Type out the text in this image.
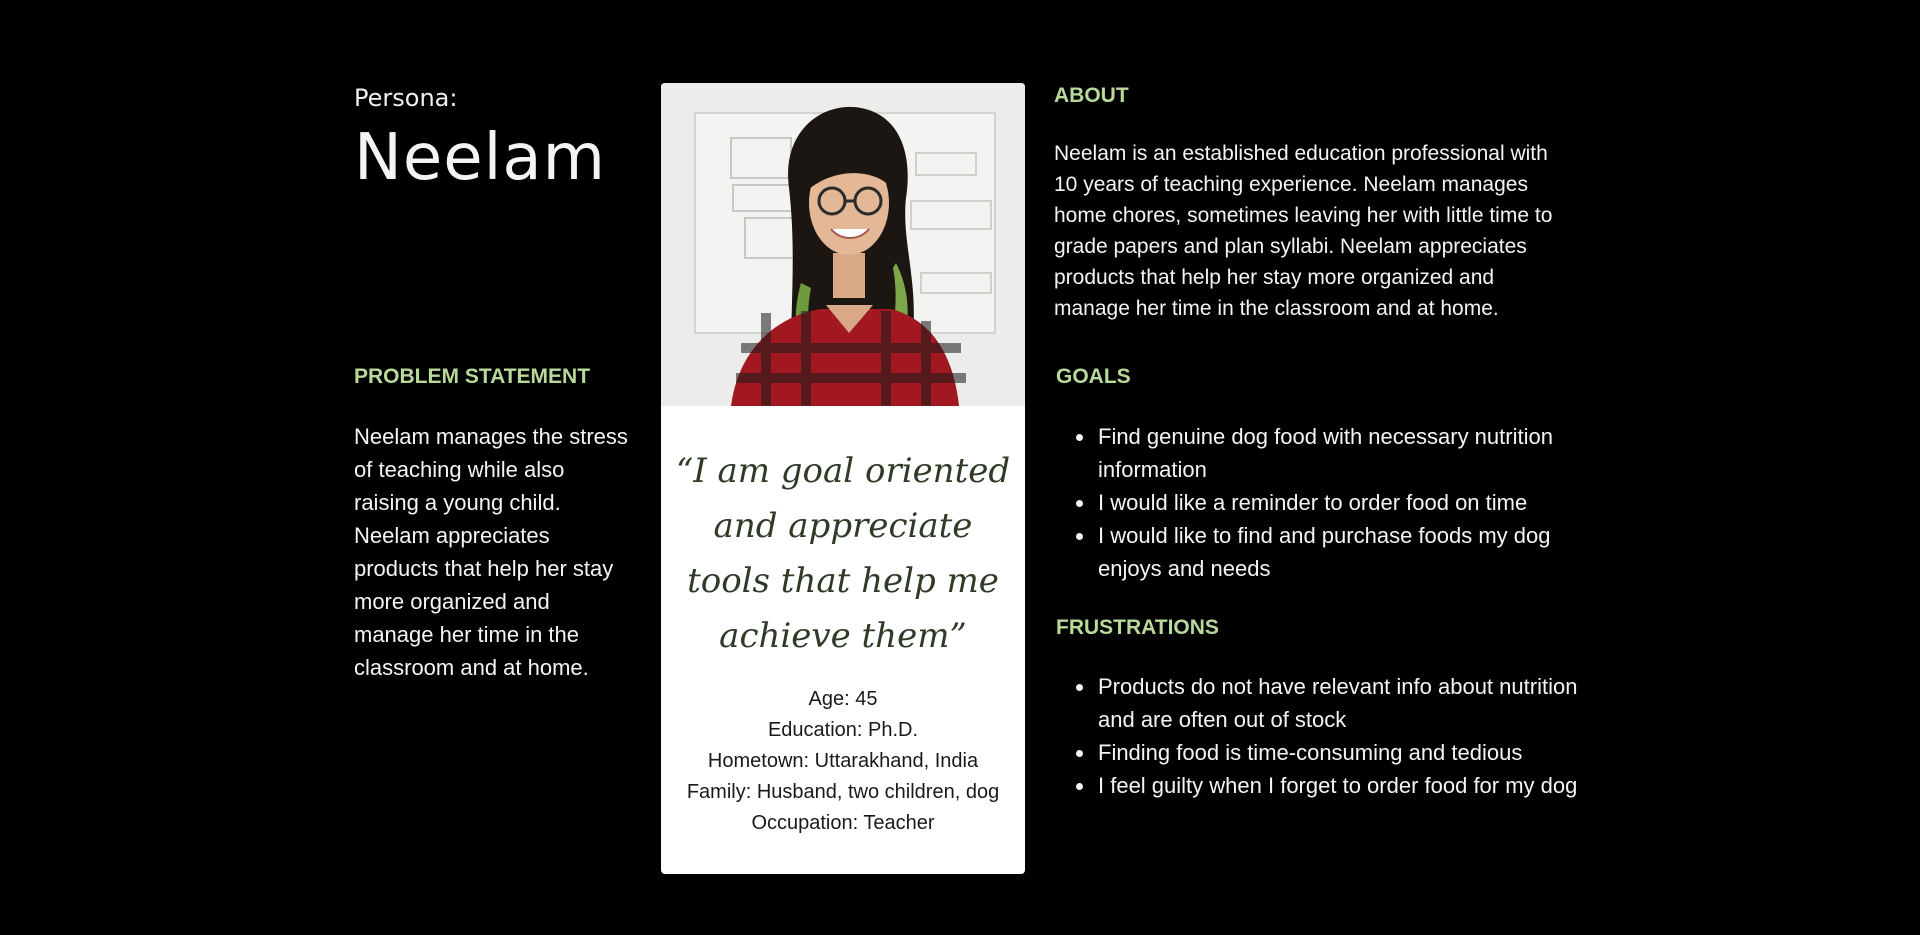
Persona:

Neelam

PROBLEM STATEMENT

Neelam manages the stress of teaching while also raising a young child. Neelam appreciates products that help her stay more organized and manage her time in the classroom and at home.

“I am goal oriented and appreciate tools that help me achieve them”

Age: 45
Education: Ph.D.
Hometown: Uttarakhand, India
Family: Husband, two children, dog
Occupation: Teacher
ABOUT

Neelam is an established education professional with 10 years of teaching experience. Neelam manages home chores, sometimes leaving her with little time to grade papers and plan syllabi. Neelam appreciates products that help her stay more organized and manage her time in the classroom and at home.

GOALS
• Find genuine dog food with necessary nutrition information
• I would like a reminder to order food on time
• I would like to find and purchase foods my dog enjoys and needs
FRUSTRATIONS
• Products do not have relevant info about nutrition and are often out of stock
• Finding food is time-consuming and tedious
• I feel guilty when I forget to order food for my dog
